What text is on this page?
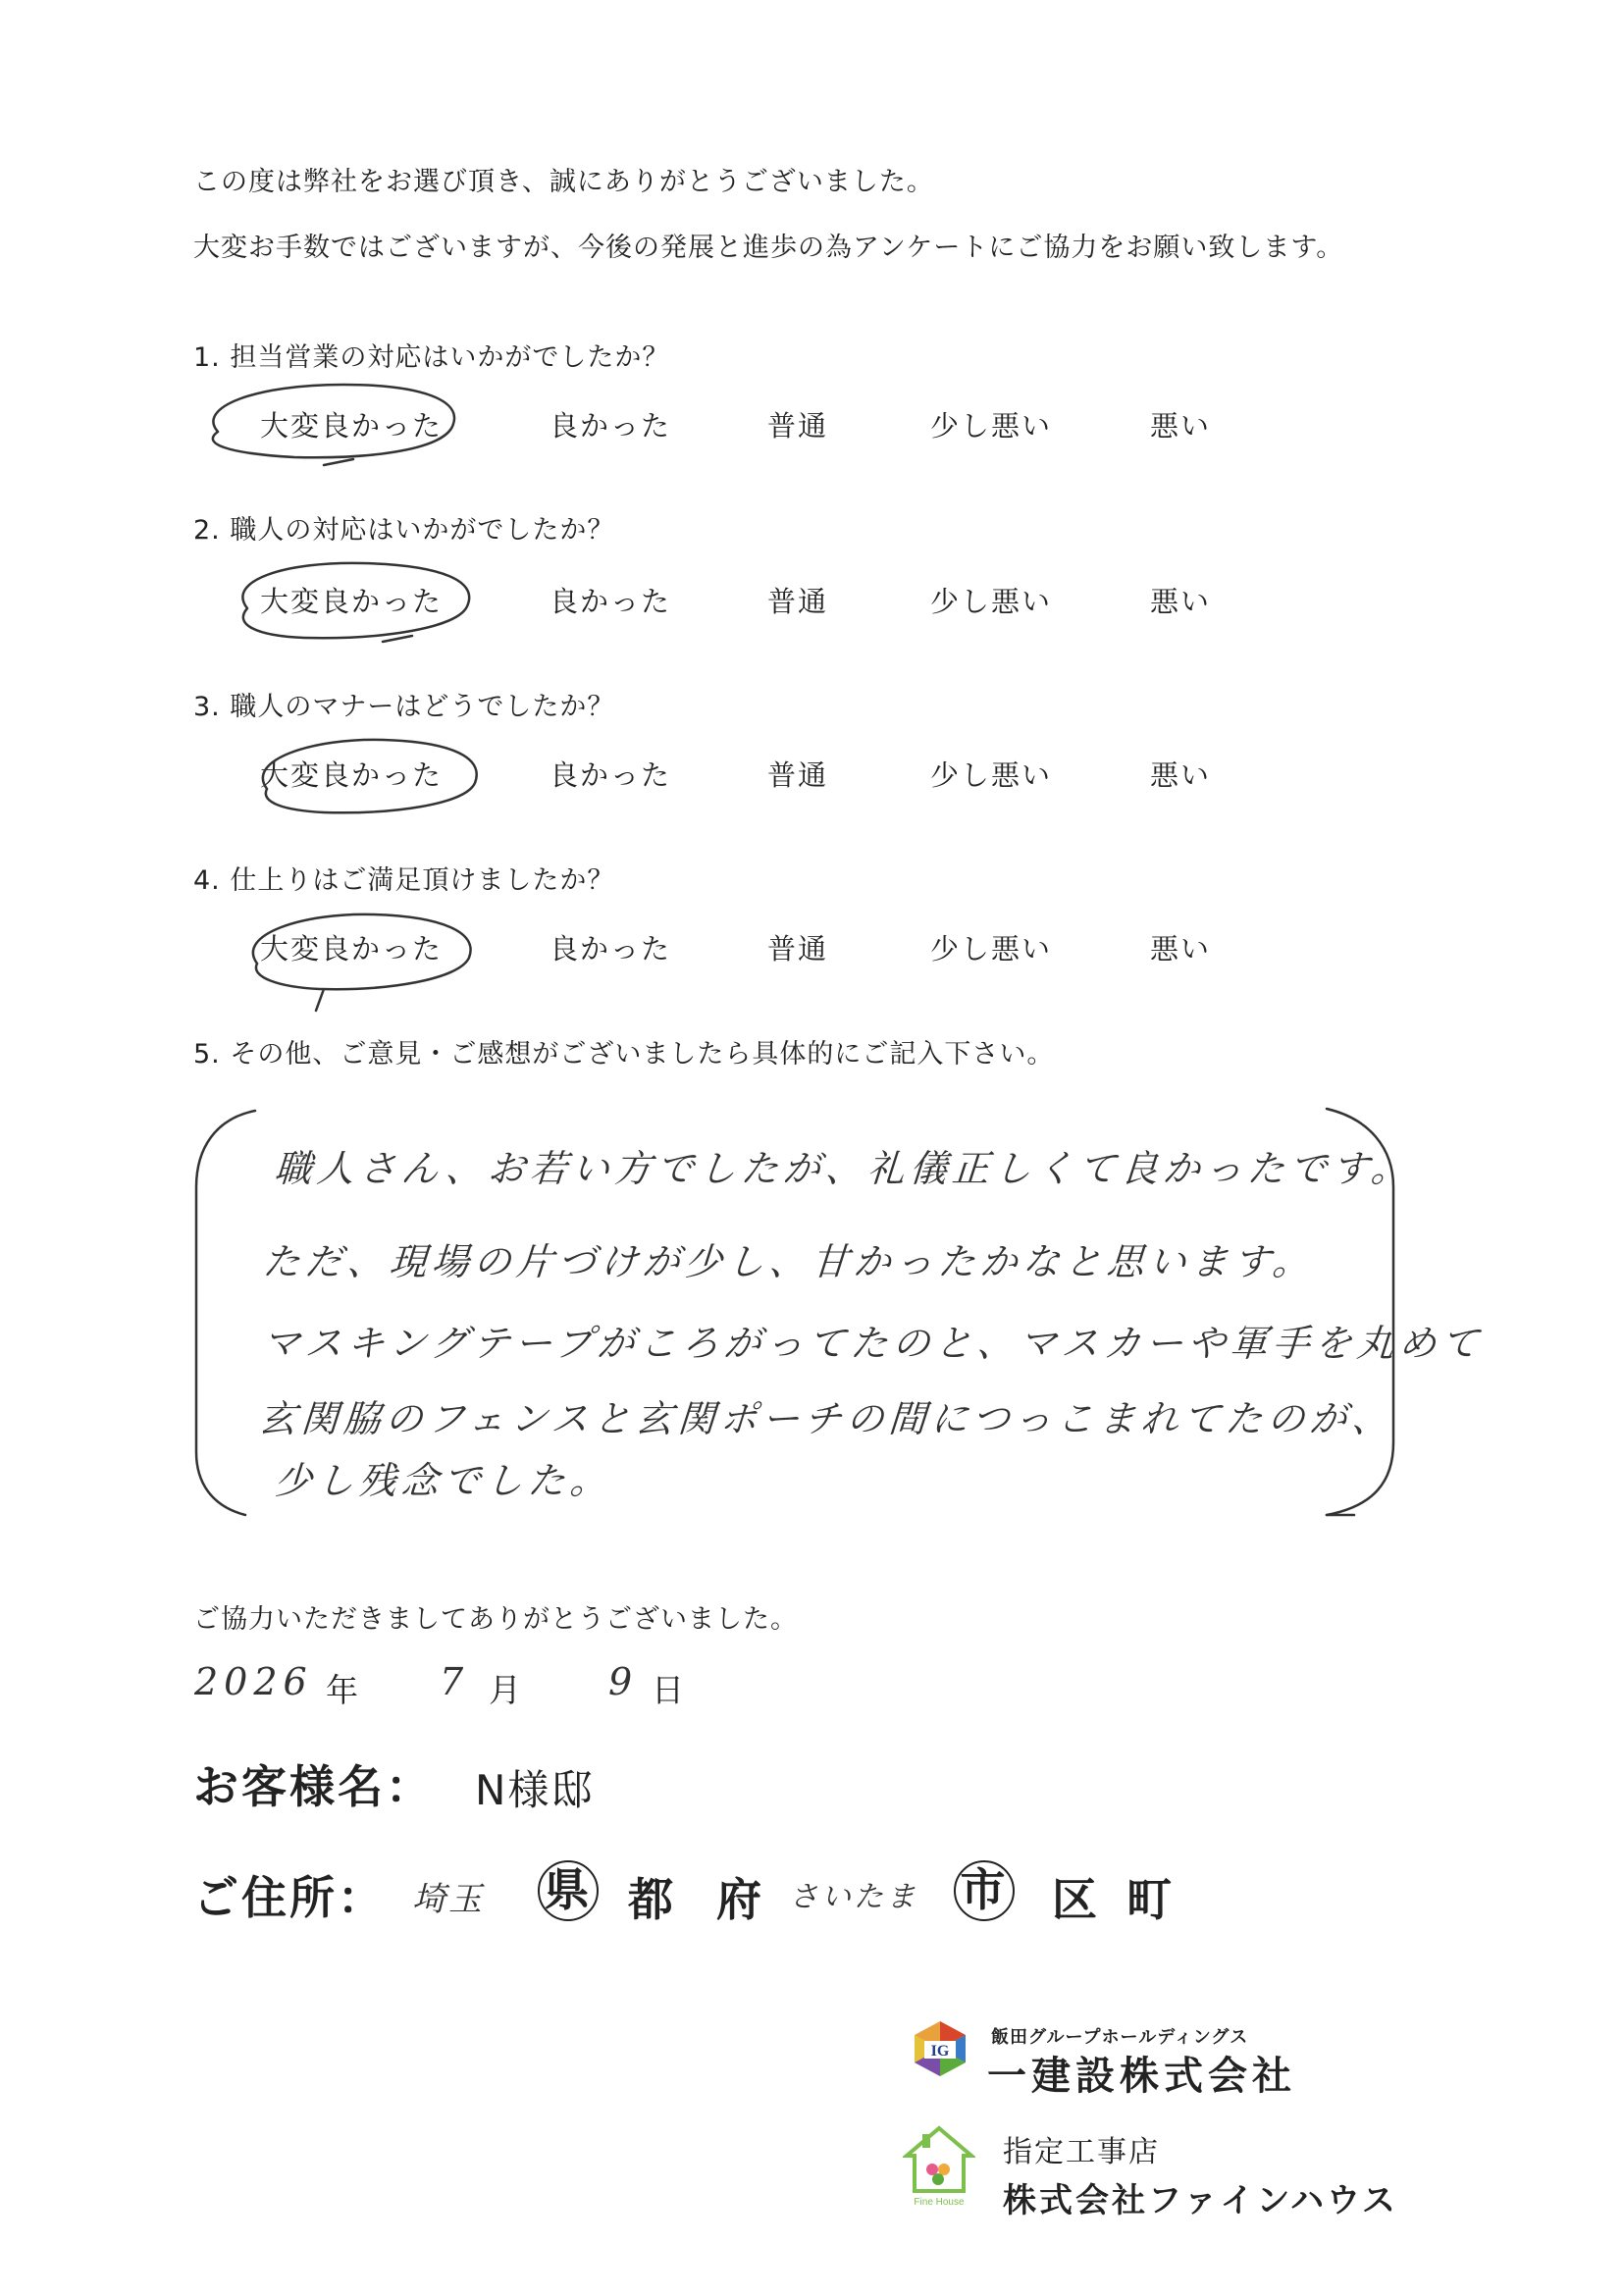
この度は弊社をお選び頂き、誠にありがとうございました。
大変お手数ではございますが、今後の発展と進歩の為アンケートにご協力をお願い致します。
1. 担当営業の対応はいかがでしたか？
大変良かった	良かった	普通	少し悪い	悪い
2. 職人の対応はいかがでしたか？
大変良かった	良かった	普通	少し悪い	悪い
3. 職人のマナーはどうでしたか？
大変良かった	良かった	普通	少し悪い	悪い
4. 仕上りはご満足頂けましたか？
大変良かった	良かった	普通	少し悪い	悪い
5. その他、ご意見・ご感想がございましたら具体的にご記入下さい。
職人さん、お若い方でしたが、礼儀正しくて良かったです。
ただ、現場の片づけが少し、甘かったかなと思います。
マスキングテープがころがってたのと、マスカーや軍手を丸めて
玄関脇のフェンスと玄関ポーチの間につっこまれてたのが、
少し残念でした。
ご協力いただきましてありがとうございました。
2026 年 7 月 9 日
お客様名： N様邸
ご住所： 埼玉 県 都 府 さいたま 市 区 町
IG
飯田グループホールディングス
一建設株式会社
Fine House
指定工事店
株式会社ファインハウス
